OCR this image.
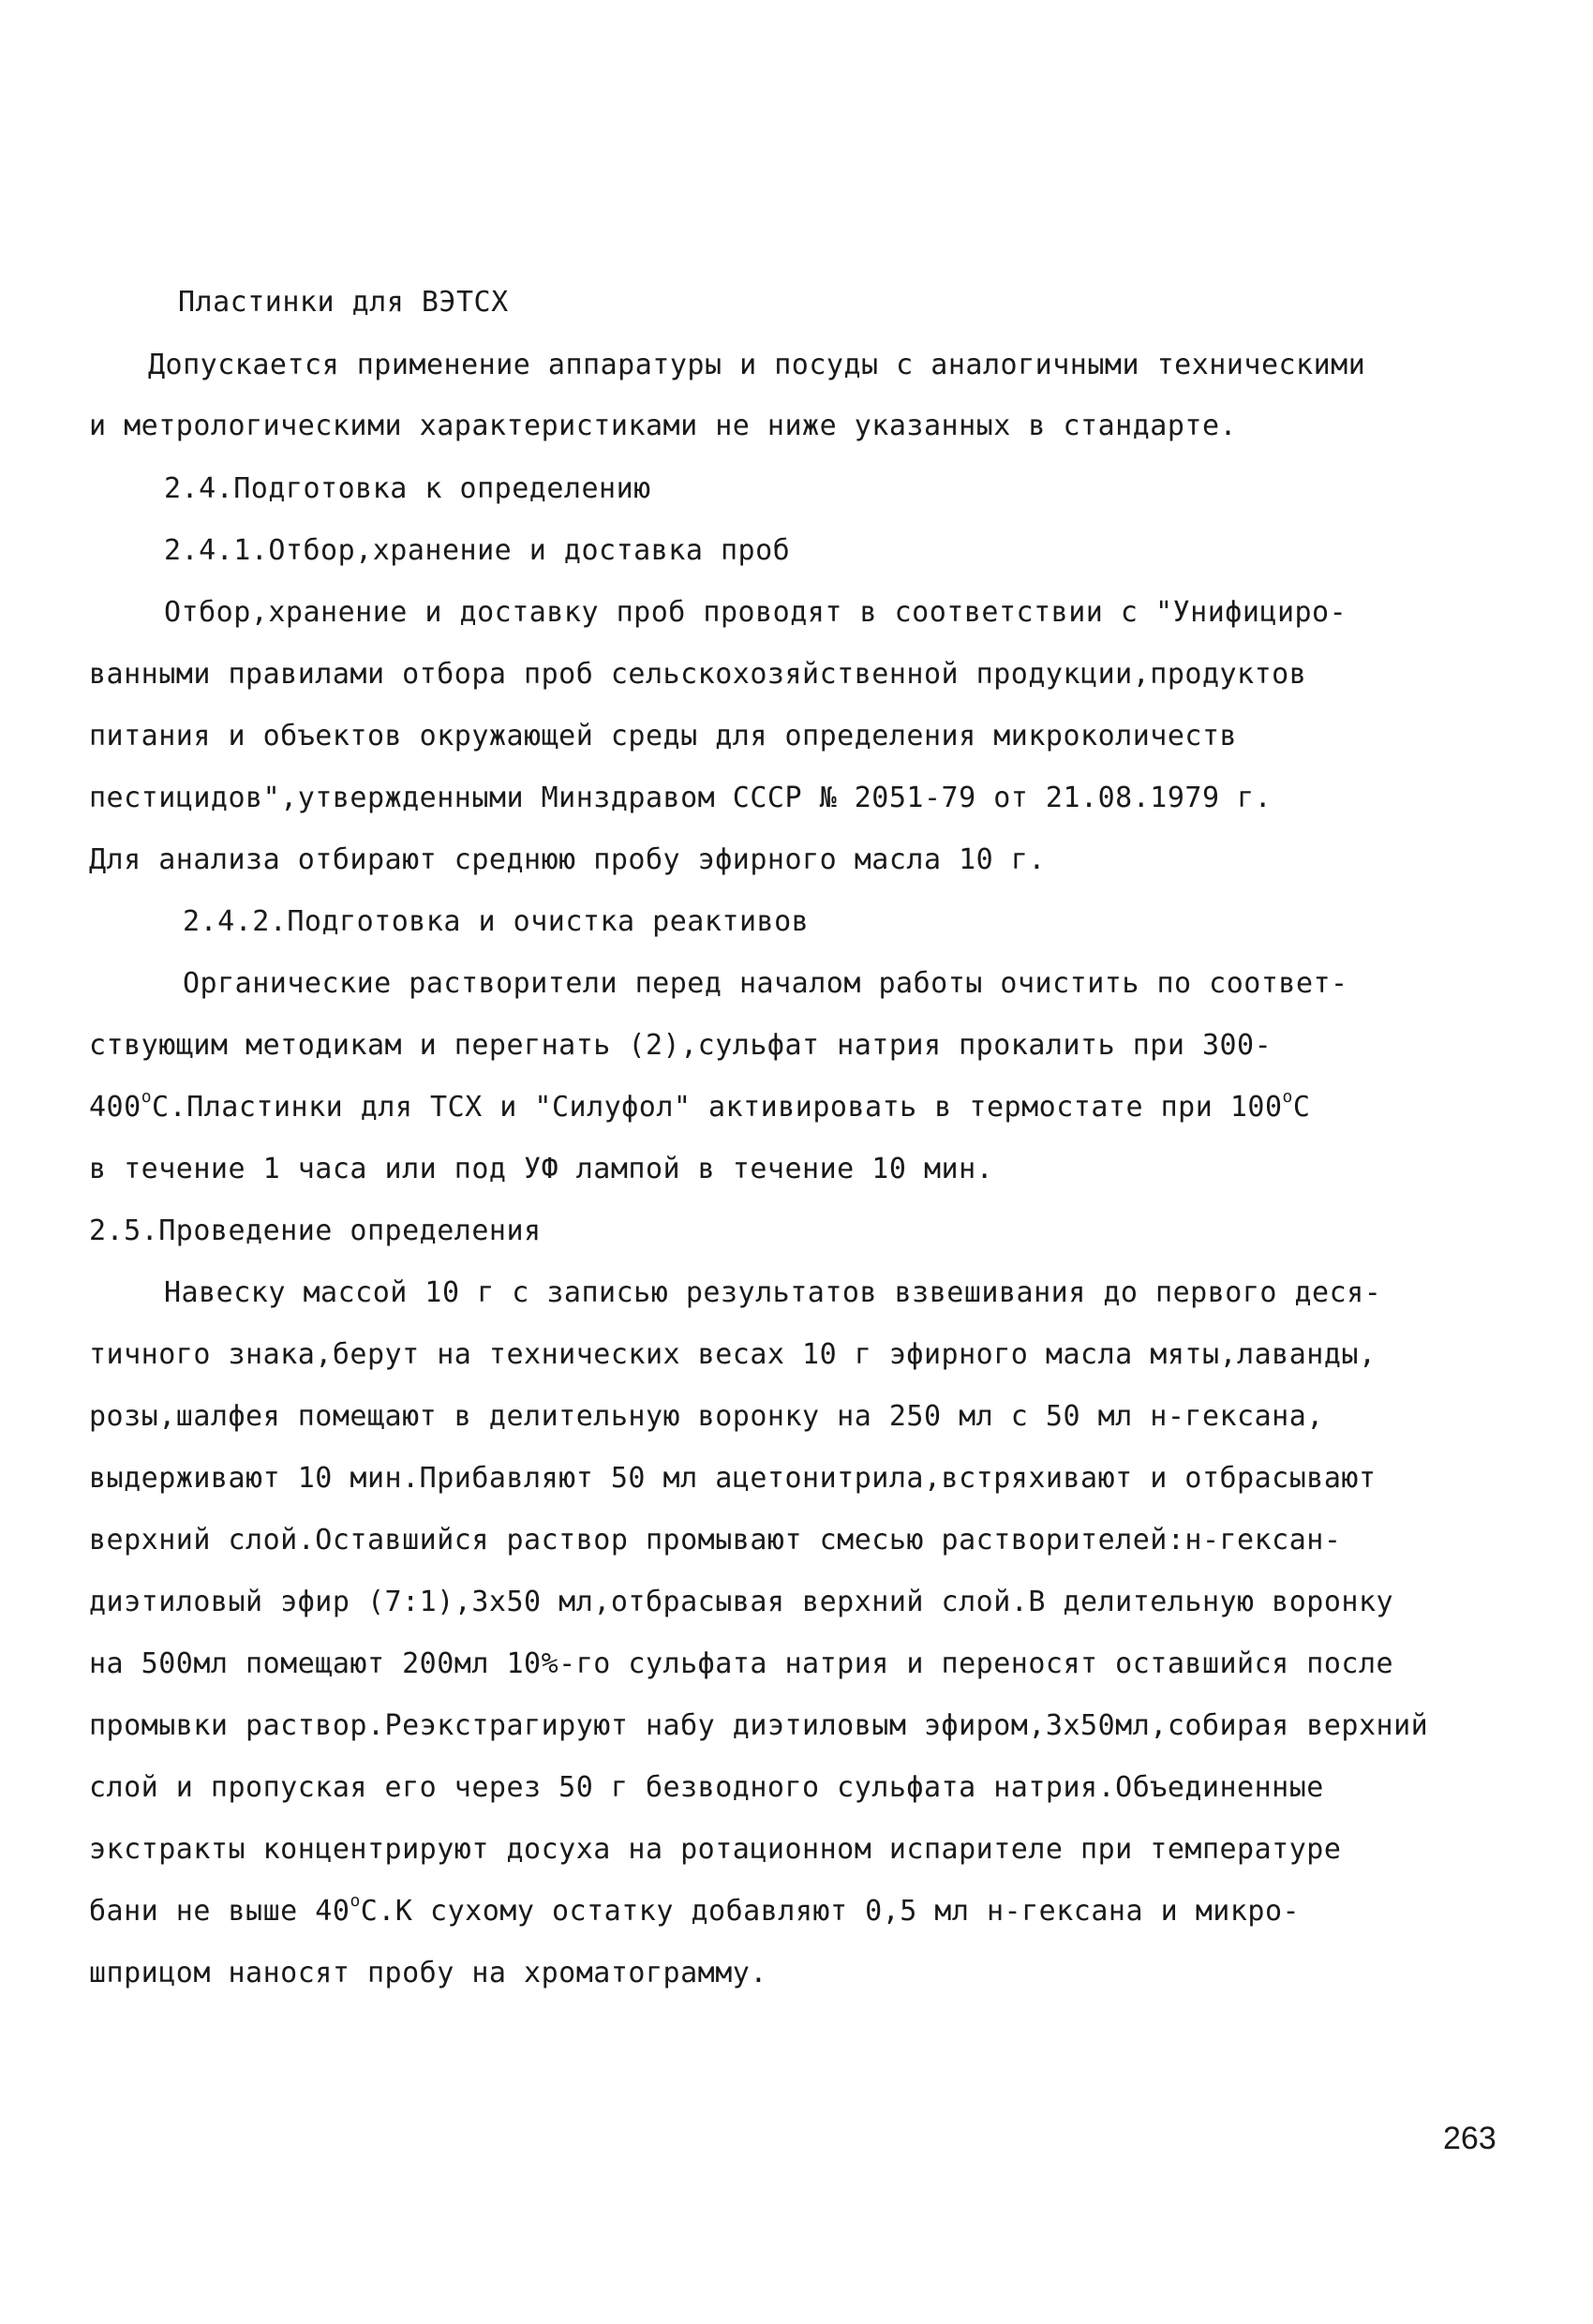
Пластинки для ВЭТСХ
Допускается применение аппаратуры и посуды с аналогичными техническими
и метрологическими характеристиками не ниже указанных в стандарте.
2.4.Подготовка к определению
2.4.1.Отбор,хранение и доставка проб
Отбор,хранение и доставку проб проводят в соответствии с "Унифициро-
ванными правилами отбора проб сельскохозяйственной продукции,продуктов
питания и объектов окружающей среды для определения микроколичеств
пестицидов",утвержденными Минздравом СССР № 2051-79 от 21.08.1979 г.
Для анализа отбирают среднюю пробу эфирного масла 10 г.
2.4.2.Подготовка и очистка реактивов
Органические растворители перед началом работы очистить по соответ-
ствующим методикам и перегнать (2),сульфат натрия прокалить при 300-
$400^оС.Пластинки$ для ТСХ и "Силуфол" активировать в термостате при $100^оС$
в течение 1 часа или под УФ лампой в течение 10 мин.
2.5.Проведение определения
Навеску массой 10 г с записью результатов взвешивания до первого деся-
тичного знака,берут на технических весах 10 г эфирного масла мяты,лаванды,
розы,шалфея помещают в делительную воронку на 250 мл с 50 мл н-гексана,
выдерживают 10 мин.Прибавляют 50 мл ацетонитрила,встряхивают и отбрасывают
верхний слой.Оставшийся раствор промывают смесью растворителей:н-гексан-
диэтиловый эфир (7:1),3х50 мл,отбрасывая верхний слой.В делительную воронку
на 500мл помещают 200мл 10%-го сульфата натрия и переносят оставшийся после
промывки раствор.Реэкстрагируют набу диэтиловым эфиром,3х50мл,собирая верхний
слой и пропуская его через 50 г безводного сульфата натрия.Объединенные
экстракты концентрируют досуха на ротационном испарителе при температуре
бани не выше $40^оС.К$ сухому остатку добавляют 0,5 мл н-гексана и микро-
шприцом наносят пробу на хроматограмму.
263
